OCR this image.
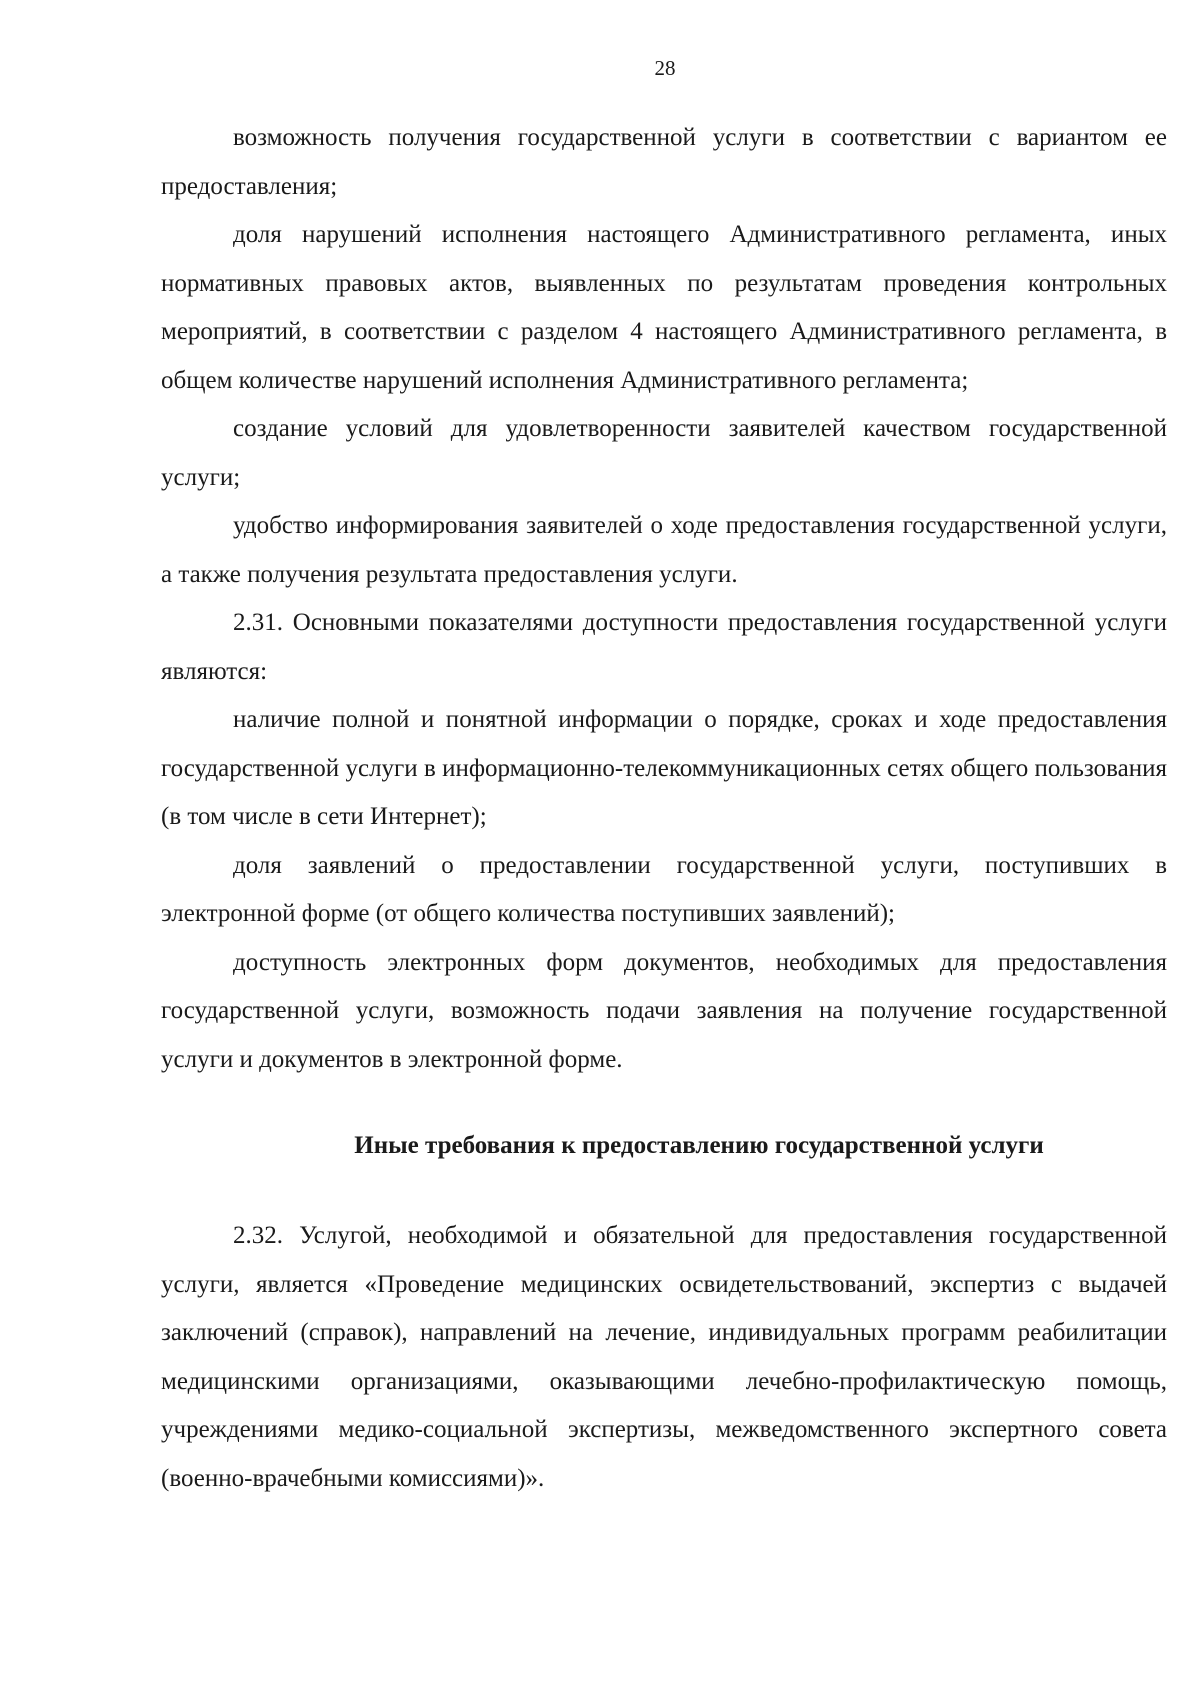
28

возможность получения государственной услуги в соответствии с вариантом ее предоставления;

доля нарушений исполнения настоящего Административного регламента, иных нормативных правовых актов, выявленных по результатам проведения контрольных мероприятий, в соответствии с разделом 4 настоящего Административного регламента, в общем количестве нарушений исполнения Административного регламента;

создание условий для удовлетворенности заявителей качеством государственной услуги;

удобство информирования заявителей о ходе предоставления государственной услуги, а также получения результата предоставления услуги.

2.31. Основными показателями доступности предоставления государственной услуги являются:

наличие полной и понятной информации о порядке, сроках и ходе предоставления государственной услуги в информационно-телекоммуникационных сетях общего пользования (в том числе в сети Интернет);

доля заявлений о предоставлении государственной услуги, поступивших в электронной форме (от общего количества поступивших заявлений);

доступность электронных форм документов, необходимых для предоставления государственной услуги, возможность подачи заявления на получение государственной услуги и документов в электронной форме.

Иные требования к предоставлению государственной услуги

2.32. Услугой, необходимой и обязательной для предоставления государственной услуги, является «Проведение медицинских освидетельствований, экспертиз с выдачей заключений (справок), направлений на лечение, индивидуальных программ реабилитации медицинскими организациями, оказывающими лечебно-профилактическую помощь, учреждениями медико-социальной экспертизы, межведомственного экспертного совета (военно-врачебными комиссиями)».
